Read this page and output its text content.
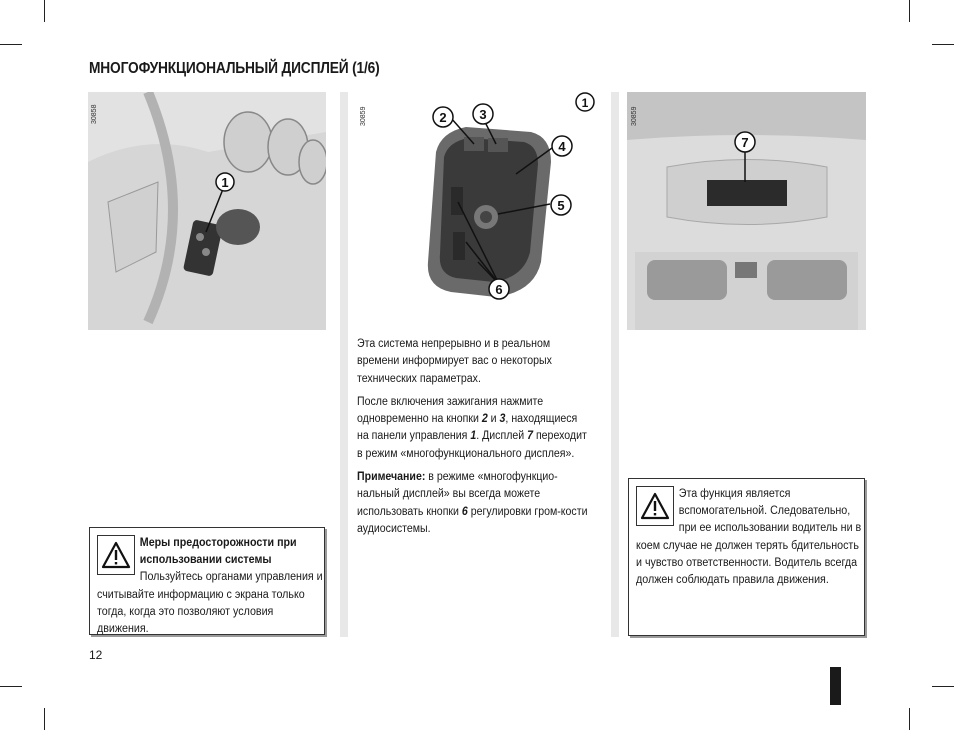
МНОГОФУНКЦИОНАЛЬНЫЙ ДИСПЛЕЙ (1/6)
1
30858	2	3
4
5
6
1
30859
7
30859

Эта система непрерывно и в реальном времени информирует вас о некоторых технических параметрах.

После включения зажигания нажмите одновременно на кнопки 2 и 3, находящиеся на панели управления 1. Дисплей 7 переходит в режим «многофункционального дисплея».

Примечание: в режиме «многофункцио-нальный дисплей» вы всегда можете использовать кнопки 6 регулировки гром-кости аудиосистемы.

Меры предосторожности при использовании системы
Пользуйтесь органами управления и считывайте информацию с экрана только тогда, когда это позволяют условия движения.
Эта функция является вспомогательной. Следовательно, при ее использовании водитель ни в коем случае не должен терять бдительность и чувство ответственности. Водитель всегда должен соблюдать правила движения.
12
